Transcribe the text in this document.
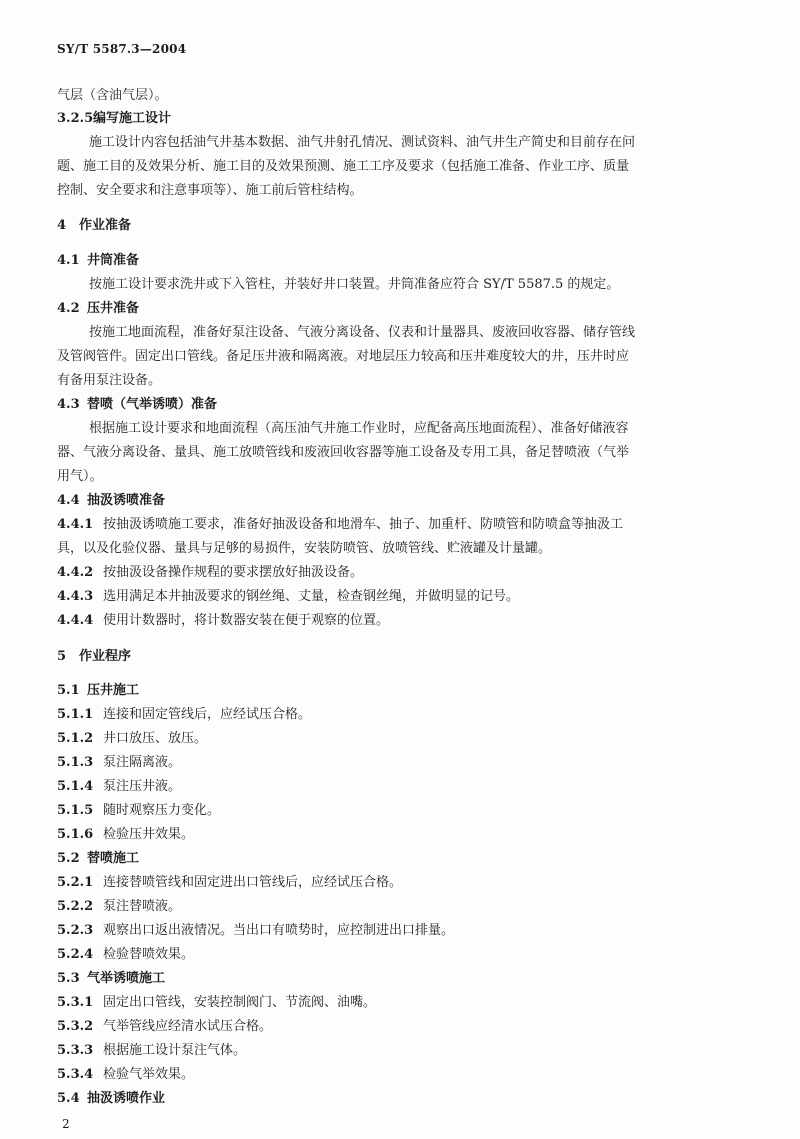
SY/T 5587.3—2004
气层（含油气层）。
3.2.5编写施工设计
施工设计内容包括油气井基本数据、油气井射孔情况、测试资料、油气井生产简史和目前存在问
题、施工目的及效果分析、施工目的及效果预测、施工工序及要求（包括施工准备、作业工序、质量
控制、安全要求和注意事项等）、施工前后管柱结构。
4 作业准备
4.1 井筒准备
按施工设计要求洗井或下入管柱，并装好井口装置。井筒准备应符合 SY/T 5587.5 的规定。
4.2 压井准备
按施工地面流程，准备好泵注设备、气液分离设备、仪表和计量器具、废液回收容器、储存管线
及管阀管件。固定出口管线。备足压井液和隔离液。对地层压力较高和压井难度较大的井，压井时应
有备用泵注设备。
4.3 替喷（气举诱喷）准备
根据施工设计要求和地面流程（高压油气井施工作业时，应配备高压地面流程）、准备好储液容
器、气液分离设备、量具、施工放喷管线和废液回收容器等施工设备及专用工具，备足替喷液（气举
用气）。
4.4 抽汲诱喷准备
4.4.1 按抽汲诱喷施工要求，准备好抽汲设备和地滑车、抽子、加重杆、防喷管和防喷盒等抽汲工
具，以及化验仪器、量具与足够的易损件，安装防喷管、放喷管线、贮液罐及计量罐。
4.4.2 按抽汲设备操作规程的要求摆放好抽汲设备。
4.4.3 选用满足本井抽汲要求的钢丝绳、丈量，检查钢丝绳，并做明显的记号。
4.4.4 使用计数器时，将计数器安装在便于观察的位置。
5 作业程序
5.1 压井施工
5.1.1 连接和固定管线后，应经试压合格。
5.1.2 井口放压、放压。
5.1.3 泵注隔离液。
5.1.4 泵注压井液。
5.1.5 随时观察压力变化。
5.1.6 检验压井效果。
5.2 替喷施工
5.2.1 连接替喷管线和固定进出口管线后，应经试压合格。
5.2.2 泵注替喷液。
5.2.3 观察出口返出液情况。当出口有喷势时，应控制进出口排量。
5.2.4 检验替喷效果。
5.3 气举诱喷施工
5.3.1 固定出口管线，安装控制阀门、节流阀、油嘴。
5.3.2 气举管线应经清水试压合格。
5.3.3 根据施工设计泵注气体。
5.3.4 检验气举效果。
5.4 抽汲诱喷作业
2
